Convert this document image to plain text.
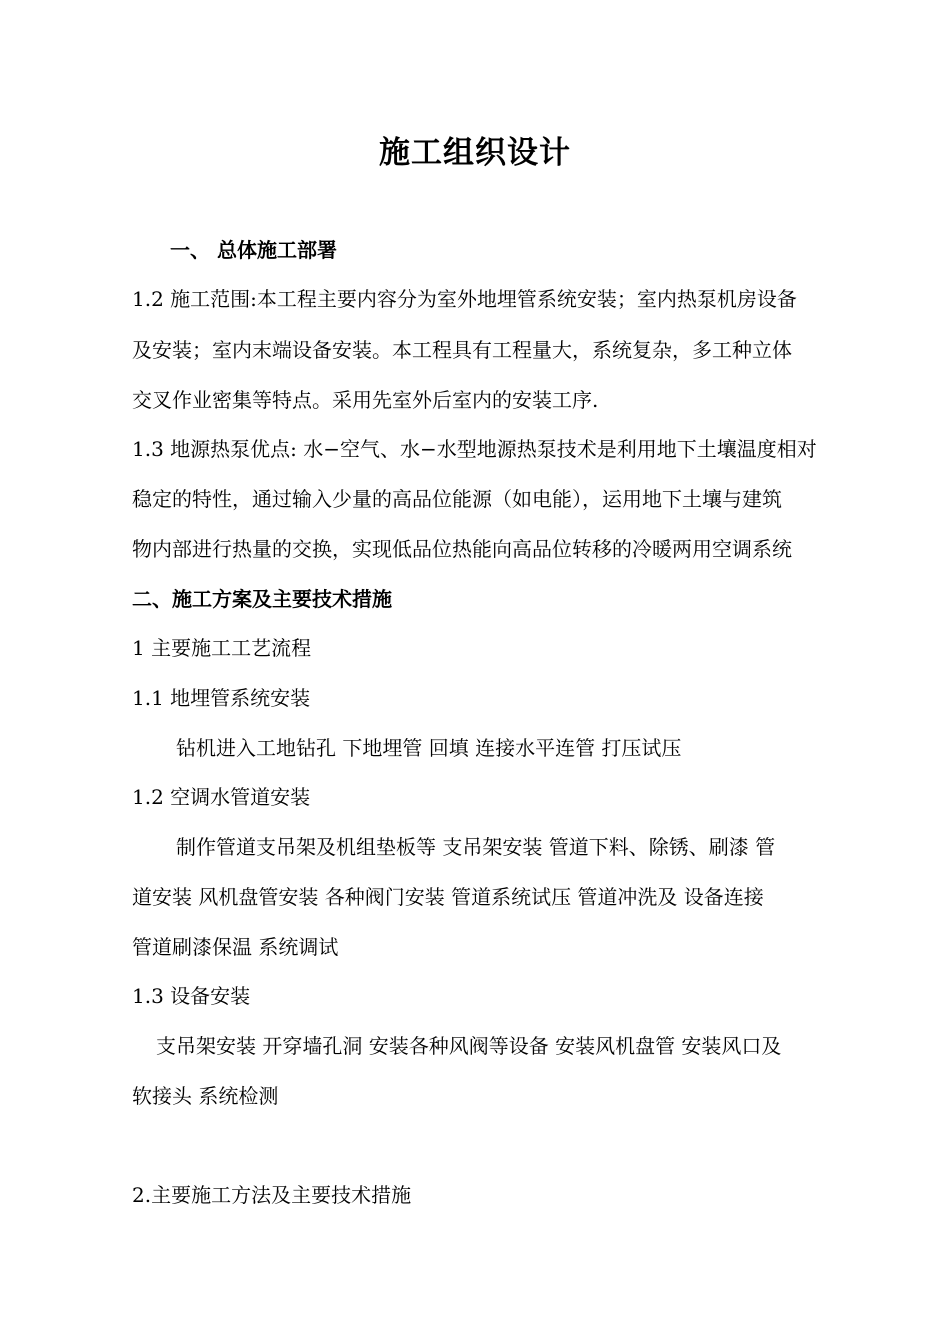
施工组织设计
一、 总体施工部署
1.2 施工范围:本工程主要内容分为室外地埋管系统安装；室内热泵机房设备
及安装；室内末端设备安装。本工程具有工程量大，系统复杂，多工种立体
交叉作业密集等特点。采用先室外后室内的安装工序.
1.3 地源热泵优点: 水−空气、水−水型地源热泵技术是利用地下土壤温度相对
稳定的特性，通过输入少量的高品位能源（如电能），运用地下土壤与建筑
物内部进行热量的交换，实现低品位热能向高品位转移的冷暖两用空调系统
二、施工方案及主要技术措施
1 主要施工工艺流程
1.1 地埋管系统安装
钻机进入工地钻孔 下地埋管 回填 连接水平连管 打压试压
1.2 空调水管道安装
制作管道支吊架及机组垫板等 支吊架安装 管道下料、除锈、刷漆 管
道安装 风机盘管安装 各种阀门安装 管道系统试压 管道冲洗及 设备连接
管道刷漆保温 系统调试
1.3 设备安装
支吊架安装 开穿墙孔洞 安装各种风阀等设备 安装风机盘管 安装风口及
软接头 系统检测
2.主要施工方法及主要技术措施
